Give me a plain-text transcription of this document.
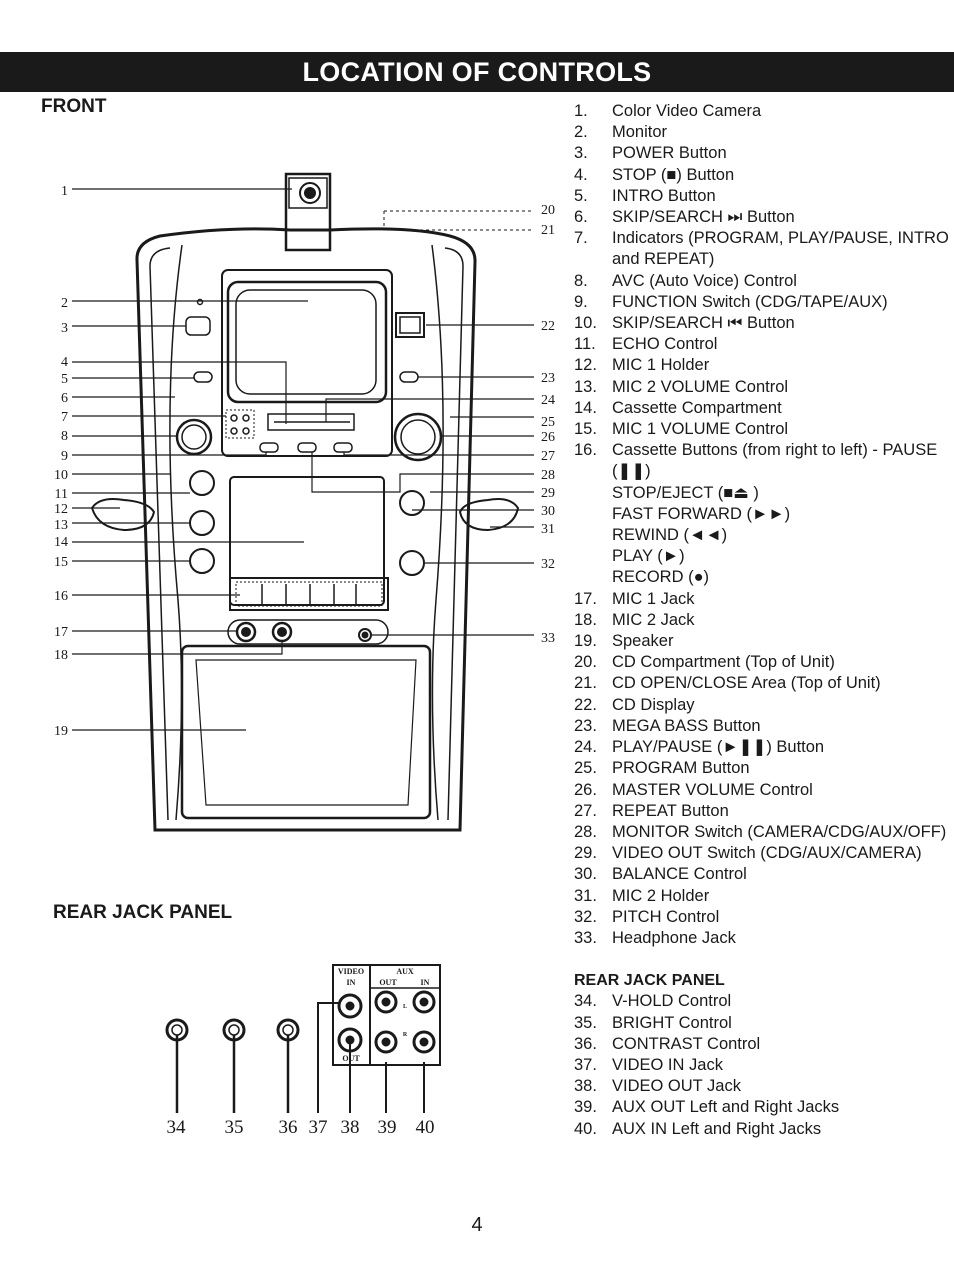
LOCATION OF CONTROLS
FRONT
REAR JACK PANEL
1
2
3
4
5
6
7
8
9
10
11
12
13
14
15
16
17
18
19
20
21
22
23
24
25
26
27
28
29
30
31
32
33
VIDEO
IN
OUT
AUX
OUT	IN
L
R
34 35 36 37 38 39 40
1.	Color Video Camera
2.	Monitor
3.	POWER Button
4.	STOP (■) Button
5.	INTRO Button
6.	SKIP/SEARCH ⏭ Button
7.	Indicators (PROGRAM, PLAY/PAUSE, INTRO and REPEAT)
8.	AVC (Auto Voice) Control
9.	FUNCTION Switch (CDG/TAPE/AUX)
10. SKIP/SEARCH ⏮ Button
11. ECHO Control
12. MIC 1 Holder
13. MIC 2 VOLUME Control
14. Cassette Compartment
15. MIC 1 VOLUME Control
16. Cassette Buttons (from right to left) - PAUSE (❚❚)
STOP/EJECT (■⏏ )
FAST FORWARD (►►)
REWIND (◄◄)
PLAY (►)
RECORD (●)
17. MIC 1 Jack
18. MIC 2 Jack
19. Speaker
20. CD Compartment (Top of Unit)
21. CD OPEN/CLOSE Area (Top of Unit)
22. CD Display
23. MEGA BASS Button
24. PLAY/PAUSE (►❚❚) Button
25. PROGRAM Button
26. MASTER VOLUME Control
27. REPEAT Button
28. MONITOR Switch (CAMERA/CDG/AUX/OFF)
29. VIDEO OUT Switch (CDG/AUX/CAMERA)
30. BALANCE Control
31. MIC 2 Holder
32. PITCH Control
33. Headphone Jack
REAR JACK PANEL
34. V-HOLD Control
35. BRIGHT Control
36. CONTRAST Control
37. VIDEO IN Jack
38. VIDEO OUT Jack
39. AUX OUT Left and Right Jacks
40. AUX IN Left and Right Jacks
4
